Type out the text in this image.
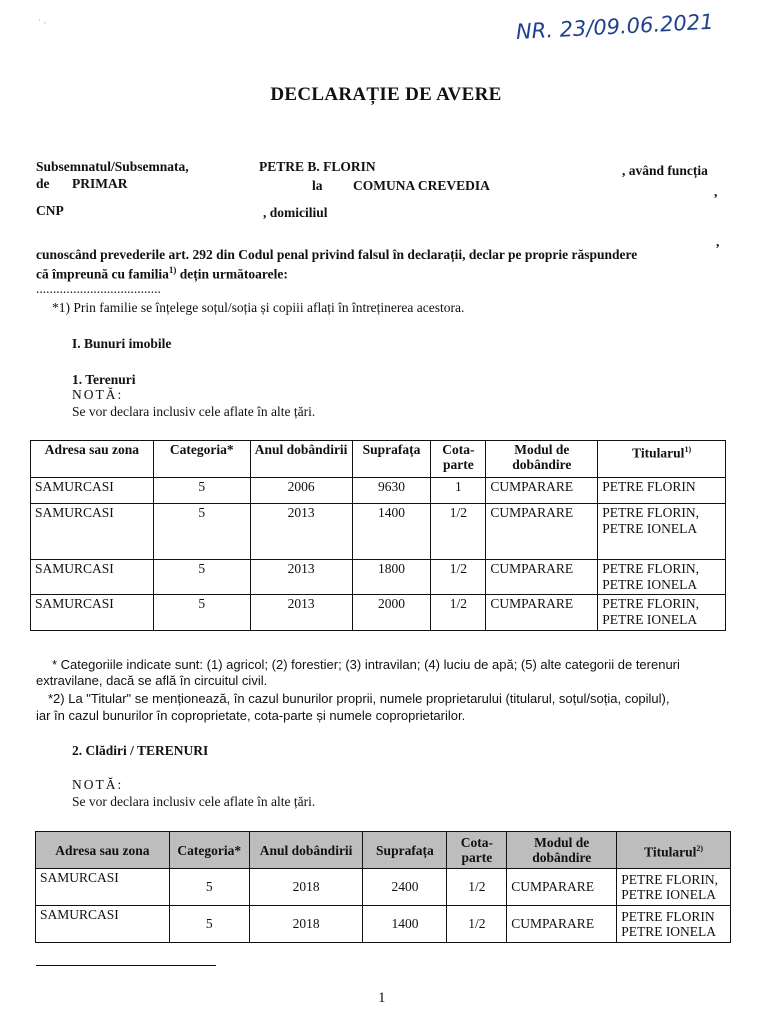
˙ ·	NR. 23/09.06.2021
DECLARAȚIE DE AVERE
Subsemnatul/Subsemnata,	PETRE B. FLORIN	, având funcția
de PRIMAR	la COMUNA CREVEDIA	,
CNP	, domiciliul
,
cunoscând prevederile art. 292 din Codul penal privind falsul în declarații, declar pe proprie răspundere
că împreună cu familia$^{1)}$ dețin următoarele:
.....................................
*1) Prin familie se înțelege soțul/soția și copiii aflați în întreținerea acestora.
I. Bunuri imobile
1. Terenuri
NOTĂ:
Se vor declara inclusiv cele aflate în alte țări.
Adresa sau zona	Categoria*	Anul dobândirii	Suprafața	Cota-parte	Modul de dobândire	Titularul$^{1)}$
SAMURCASI	5	2006	9630	1	CUMPARARE	PETRE FLORIN
SAMURCASI	5	2013	1400	1/2	CUMPARARE	PETRE FLORIN, PETRE IONELA
SAMURCASI	5	2013	1800	1/2	CUMPARARE	PETRE FLORIN, PETRE IONELA
SAMURCASI	5	2013	2000	1/2	CUMPARARE	PETRE FLORIN, PETRE IONELA
* Categoriile indicate sunt: (1) agricol; (2) forestier; (3) intravilan; (4) luciu de apă; (5) alte categorii de terenuri
extravilane, dacă se află în circuitul civil.
*2) La "Titular" se menționează, în cazul bunurilor proprii, numele proprietarului (titularul, soțul/soția, copilul),
iar în cazul bunurilor în coproprietate, cota-parte și numele coproprietarilor.
2. Clădiri / TERENURI
NOTĂ:
Se vor declara inclusiv cele aflate în alte țări.
Adresa sau zona	Categoria*	Anul dobândirii	Suprafața	Cota-parte	Modul de dobândire	Titularul$^{2)}$
SAMURCASI	5	2018	2400	1/2	CUMPARARE	PETRE FLORIN, PETRE IONELA
SAMURCASI	5	2018	1400	1/2	CUMPARARE	PETRE FLORIN PETRE IONELA
1
